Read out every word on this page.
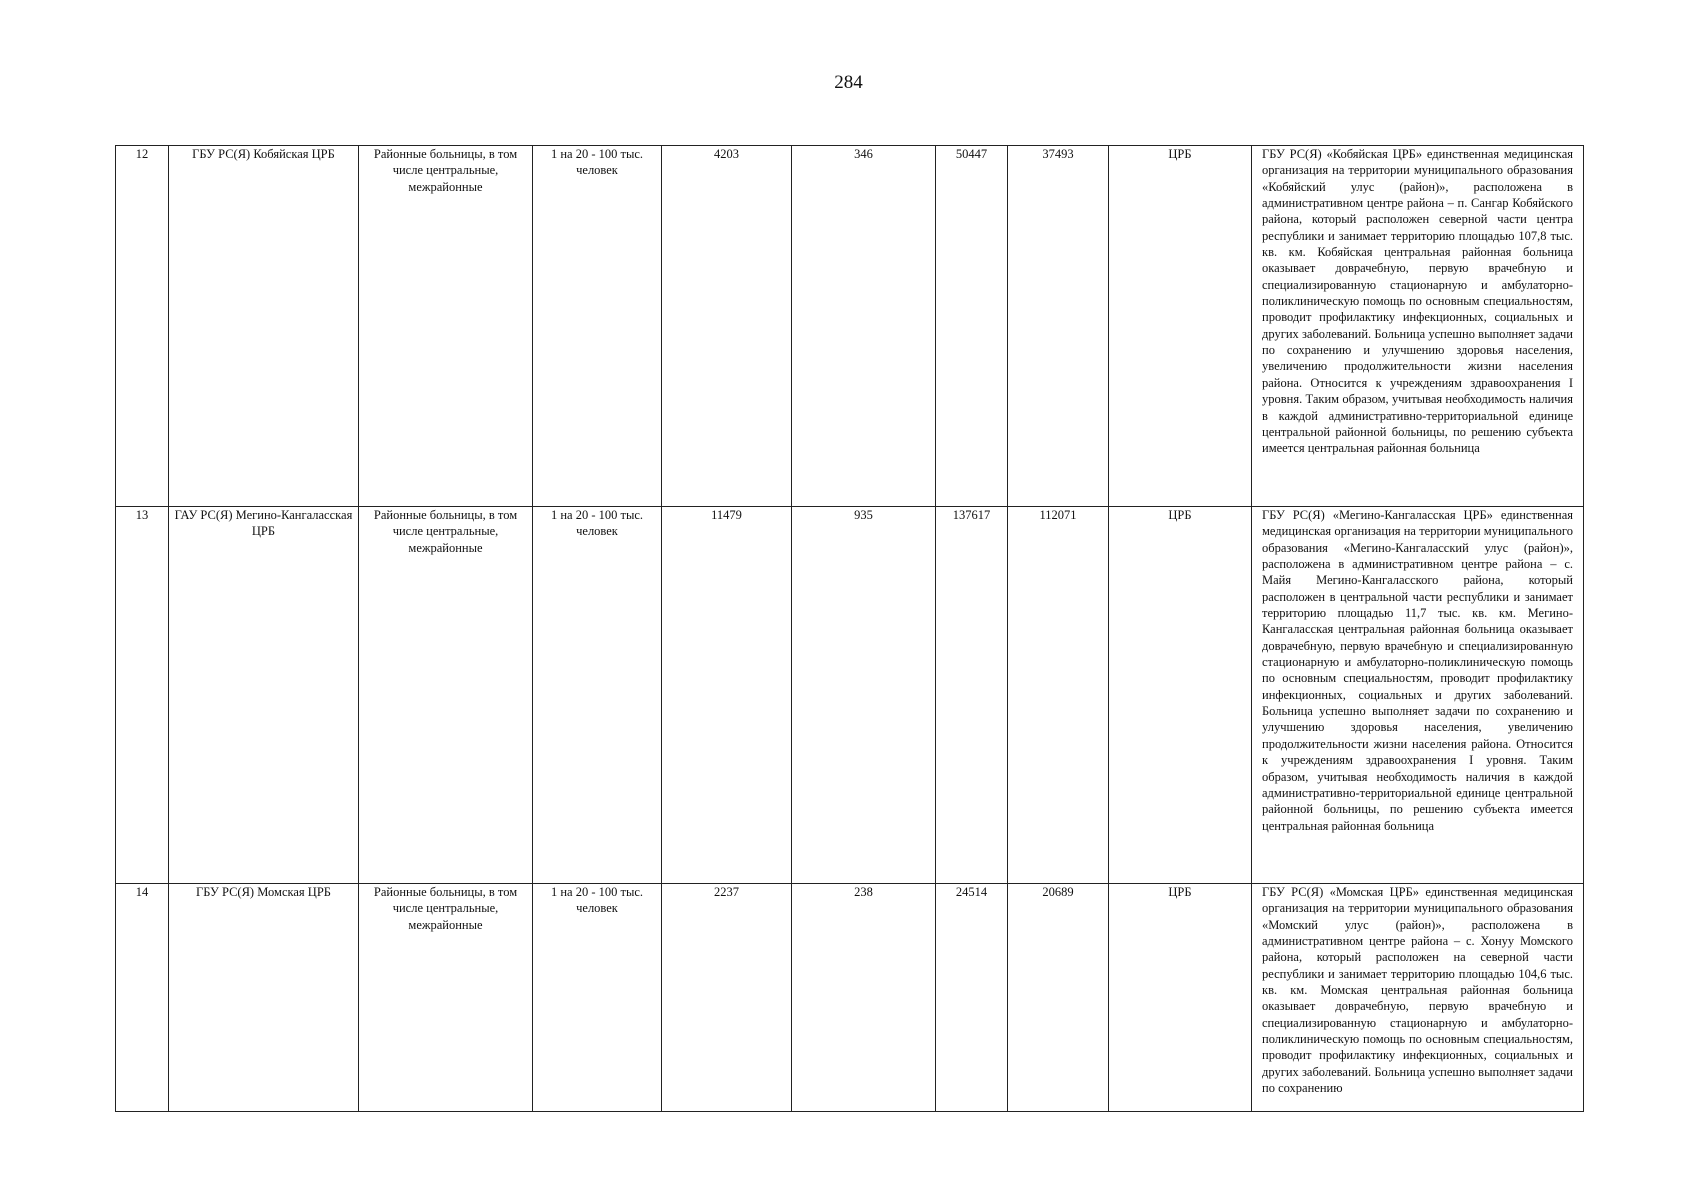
284
12	ГБУ РС(Я) Кобяйская ЦРБ	Районные больницы, в том числе центральные, межрайонные	1 на 20 - 100 тыс. человек	4203	346	50447	37493	ЦРБ	ГБУ РС(Я) «Кобяйская ЦРБ» единственная медицинская организация на территории муниципального образования «Кобяйский улус (район)», расположена в административном центре района – п. Сангар Кобяйского района, который расположен северной части центра республики и занимает территорию площадью 107,8 тыс. кв. км. Кобяйская центральная районная больница оказывает доврачебную, первую врачебную и специализированную стационарную и амбулаторно-поликлиническую помощь по основным специальностям, проводит профилактику инфекционных, социальных и других заболеваний. Больница успешно выполняет задачи по сохранению и улучшению здоровья населения, увеличению продолжительности жизни населения района. Относится к учреждениям здравоохранения I уровня. Таким образом, учитывая необходимость наличия в каждой административно-территориальной единице центральной районной больницы, по решению субъекта имеется центральная районная больница
13	ГАУ РС(Я) Мегино-Кангаласская ЦРБ	Районные больницы, в том числе центральные, межрайонные	1 на 20 - 100 тыс. человек	11479	935	137617	112071	ЦРБ	ГБУ РС(Я) «Мегино-Кангаласская ЦРБ» единственная медицинская организация на территории муниципального образования «Мегино-Кангаласский улус (район)», расположена в административном центре района – с. Майя Мегино-Кангаласского района, который расположен в центральной части республики и занимает территорию площадью 11,7 тыс. кв. км. Мегино-Кангаласская центральная районная больница оказывает доврачебную, первую врачебную и специализированную стационарную и амбулаторно-поликлиническую помощь по основным специальностям, проводит профилактику инфекционных, социальных и других заболеваний. Больница успешно выполняет задачи по сохранению и улучшению здоровья населения, увеличению продолжительности жизни населения района. Относится к учреждениям здравоохранения I уровня. Таким образом, учитывая необходимость наличия в каждой административно-территориальной единице центральной районной больницы, по решению субъекта имеется центральная районная больница
14	ГБУ РС(Я) Момская ЦРБ	Районные больницы, в том числе центральные, межрайонные	1 на 20 - 100 тыс. человек	2237	238	24514	20689	ЦРБ	ГБУ РС(Я) «Момская ЦРБ» единственная медицинская организация на территории муниципального образования «Момский улус (район)», расположена в административном центре района – с. Хонуу Момского района, который расположен на северной части республики и занимает территорию площадью 104,6 тыс. кв. км. Момская центральная районная больница оказывает доврачебную, первую врачебную и специализированную стационарную и амбулаторно-поликлиническую помощь по основным специальностям, проводит профилактику инфекционных, социальных и других заболеваний. Больница успешно выполняет задачи по сохранению
